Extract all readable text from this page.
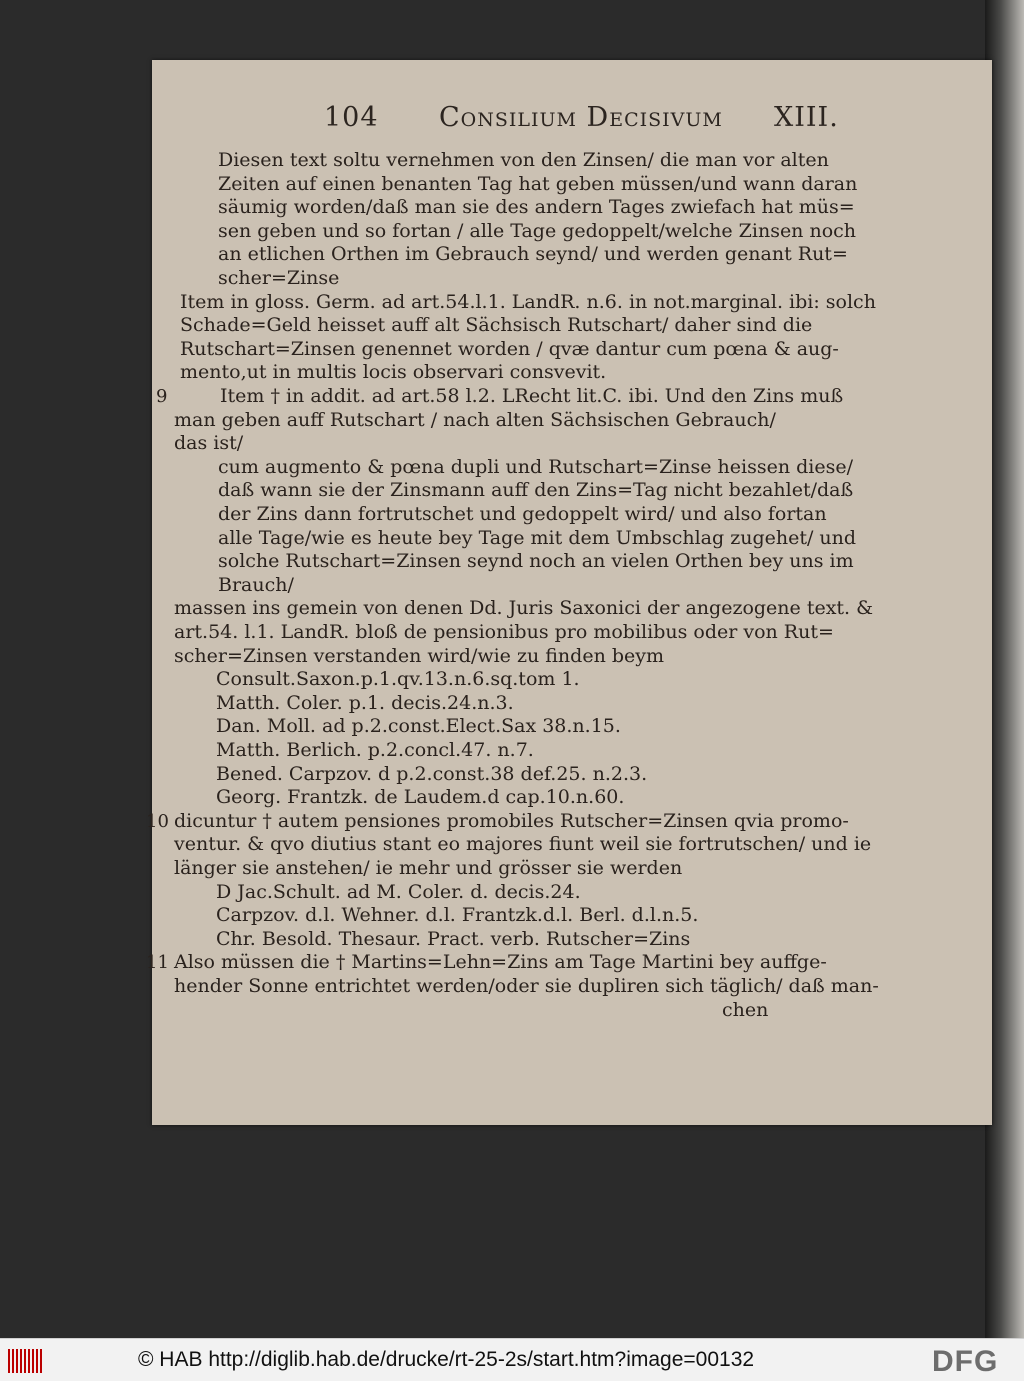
104 Consilium Decisivum XIII.
Diesen text soltu vernehmen von den Zinsen/ die man vor alten
Zeiten auf einen benanten Tag hat geben müssen/und wann daran
säumig worden/daß man sie des andern Tages zwiefach hat müs=
sen geben und so fortan / alle Tage gedoppelt/welche Zinsen noch
an etlichen Orthen im Gebrauch seynd/ und werden genant Rut=
scher=Zinse
Item in gloss. Germ. ad art.54.l.1. LandR. n.6. in not.marginal. ibi: solch
Schade=Geld heisset auff alt Sächsisch Rutschart/ daher sind die
Rutschart=Zinsen genennet worden / qvæ dantur cum pœna & aug-
mento,ut in multis locis observari consvevit.
Item † in addit. ad art.58 l.2. LRecht lit.C. ibi. Und den Zins muß
9
man geben auff Rutschart / nach alten Sächsischen Gebrauch/
das ist/
cum augmento & pœna dupli und Rutschart=Zinse heissen diese/
daß wann sie der Zinsmann auff den Zins=Tag nicht bezahlet/daß
der Zins dann fortrutschet und gedoppelt wird/ und also fortan
alle Tage/wie es heute bey Tage mit dem Umbschlag zugehet/ und
solche Rutschart=Zinsen seynd noch an vielen Orthen bey uns im
Brauch/
massen ins gemein von denen Dd. Juris Saxonici der angezogene text. &
art.54. l.1. LandR. bloß de pensionibus pro mobilibus oder von Rut=
scher=Zinsen verstanden wird/wie zu finden beym
Consult.Saxon.p.1.qv.13.n.6.sq.tom 1.
Matth. Coler. p.1. decis.24.n.3.
Dan. Moll. ad p.2.const.Elect.Sax 38.n.15.
Matth. Berlich. p.2.concl.47. n.7.
Bened. Carpzov. d p.2.const.38 def.25. n.2.3.
Georg. Frantzk. de Laudem.d cap.10.n.60.
dicuntur † autem pensiones promobiles Rutscher=Zinsen qvia promo-
10
ventur. & qvo diutius stant eo majores fiunt weil sie fortrutschen/ und ie
länger sie anstehen/ ie mehr und grösser sie werden
D Jac.Schult. ad M. Coler. d. decis.24.
Carpzov. d.l. Wehner. d.l. Frantzk.d.l. Berl. d.l.n.5.
Chr. Besold. Thesaur. Pract. verb. Rutscher=Zins
Also müssen die † Martins=Lehn=Zins am Tage Martini bey auffge-
11
hender Sonne entrichtet werden/oder sie dupliren sich täglich/ daß man-
chen
© HAB http://diglib.hab.de/drucke/rt-25-2s/start.htm?image=00132	DFG
